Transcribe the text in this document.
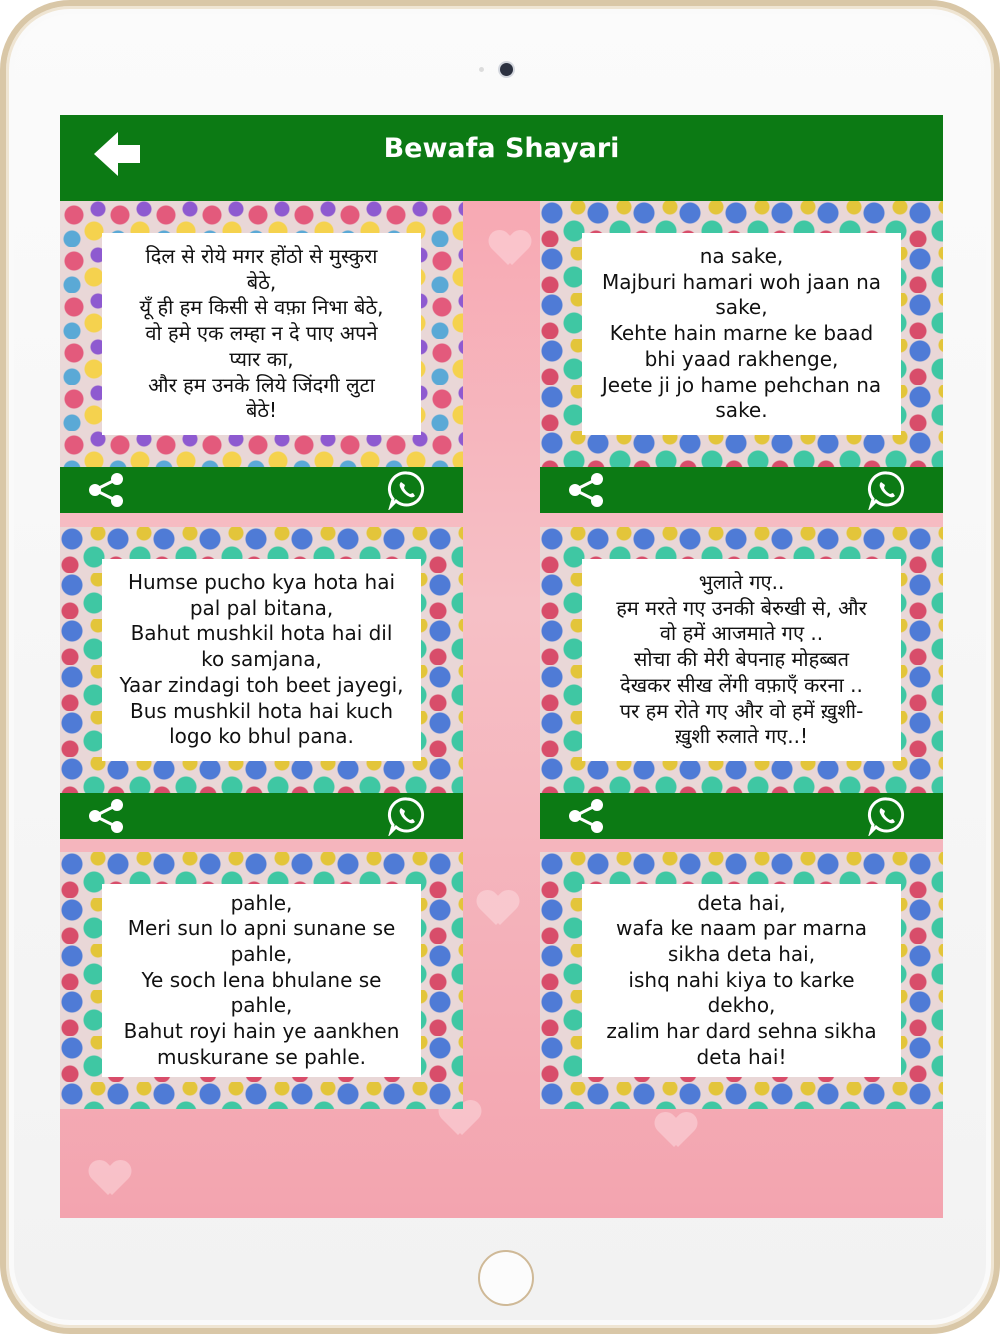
Bewafa Shayari
दिल से रोये मगर होंठो से मुस्कुरा
बेठे,
यूँ ही हम किसी से वफ़ा निभा बेठे,
वो हमे एक लम्हा न दे पाए अपने
प्यार का,
और हम उनके लिये जिंदगी लुटा
बेठे!
na sake,
Majburi hamari woh jaan na
sake,
Kehte hain marne ke baad
bhi yaad rakhenge,
Jeete ji jo hame pehchan na
sake.
Humse pucho kya hota hai
pal pal bitana,
Bahut mushkil hota hai dil
ko samjana,
Yaar zindagi toh beet jayegi,
Bus mushkil hota hai kuch
logo ko bhul pana.
भुलाते गए..
हम मरते गए उनकी बेरुखी से, और
वो हमें आजमाते गए ..
सोचा की मेरी बेपनाह मोहब्बत
देखकर सीख लेंगी वफ़ाएँ करना ..
पर हम रोते गए और वो हमें ख़ुशी-
ख़ुशी रुलाते गए..!
pahle,
Meri sun lo apni sunane se
pahle,
Ye soch lena bhulane se
pahle,
Bahut royi hain ye aankhen
muskurane se pahle.
deta hai,
wafa ke naam par marna
sikha deta hai,
ishq nahi kiya to karke
dekho,
zalim har dard sehna sikha
deta hai!
